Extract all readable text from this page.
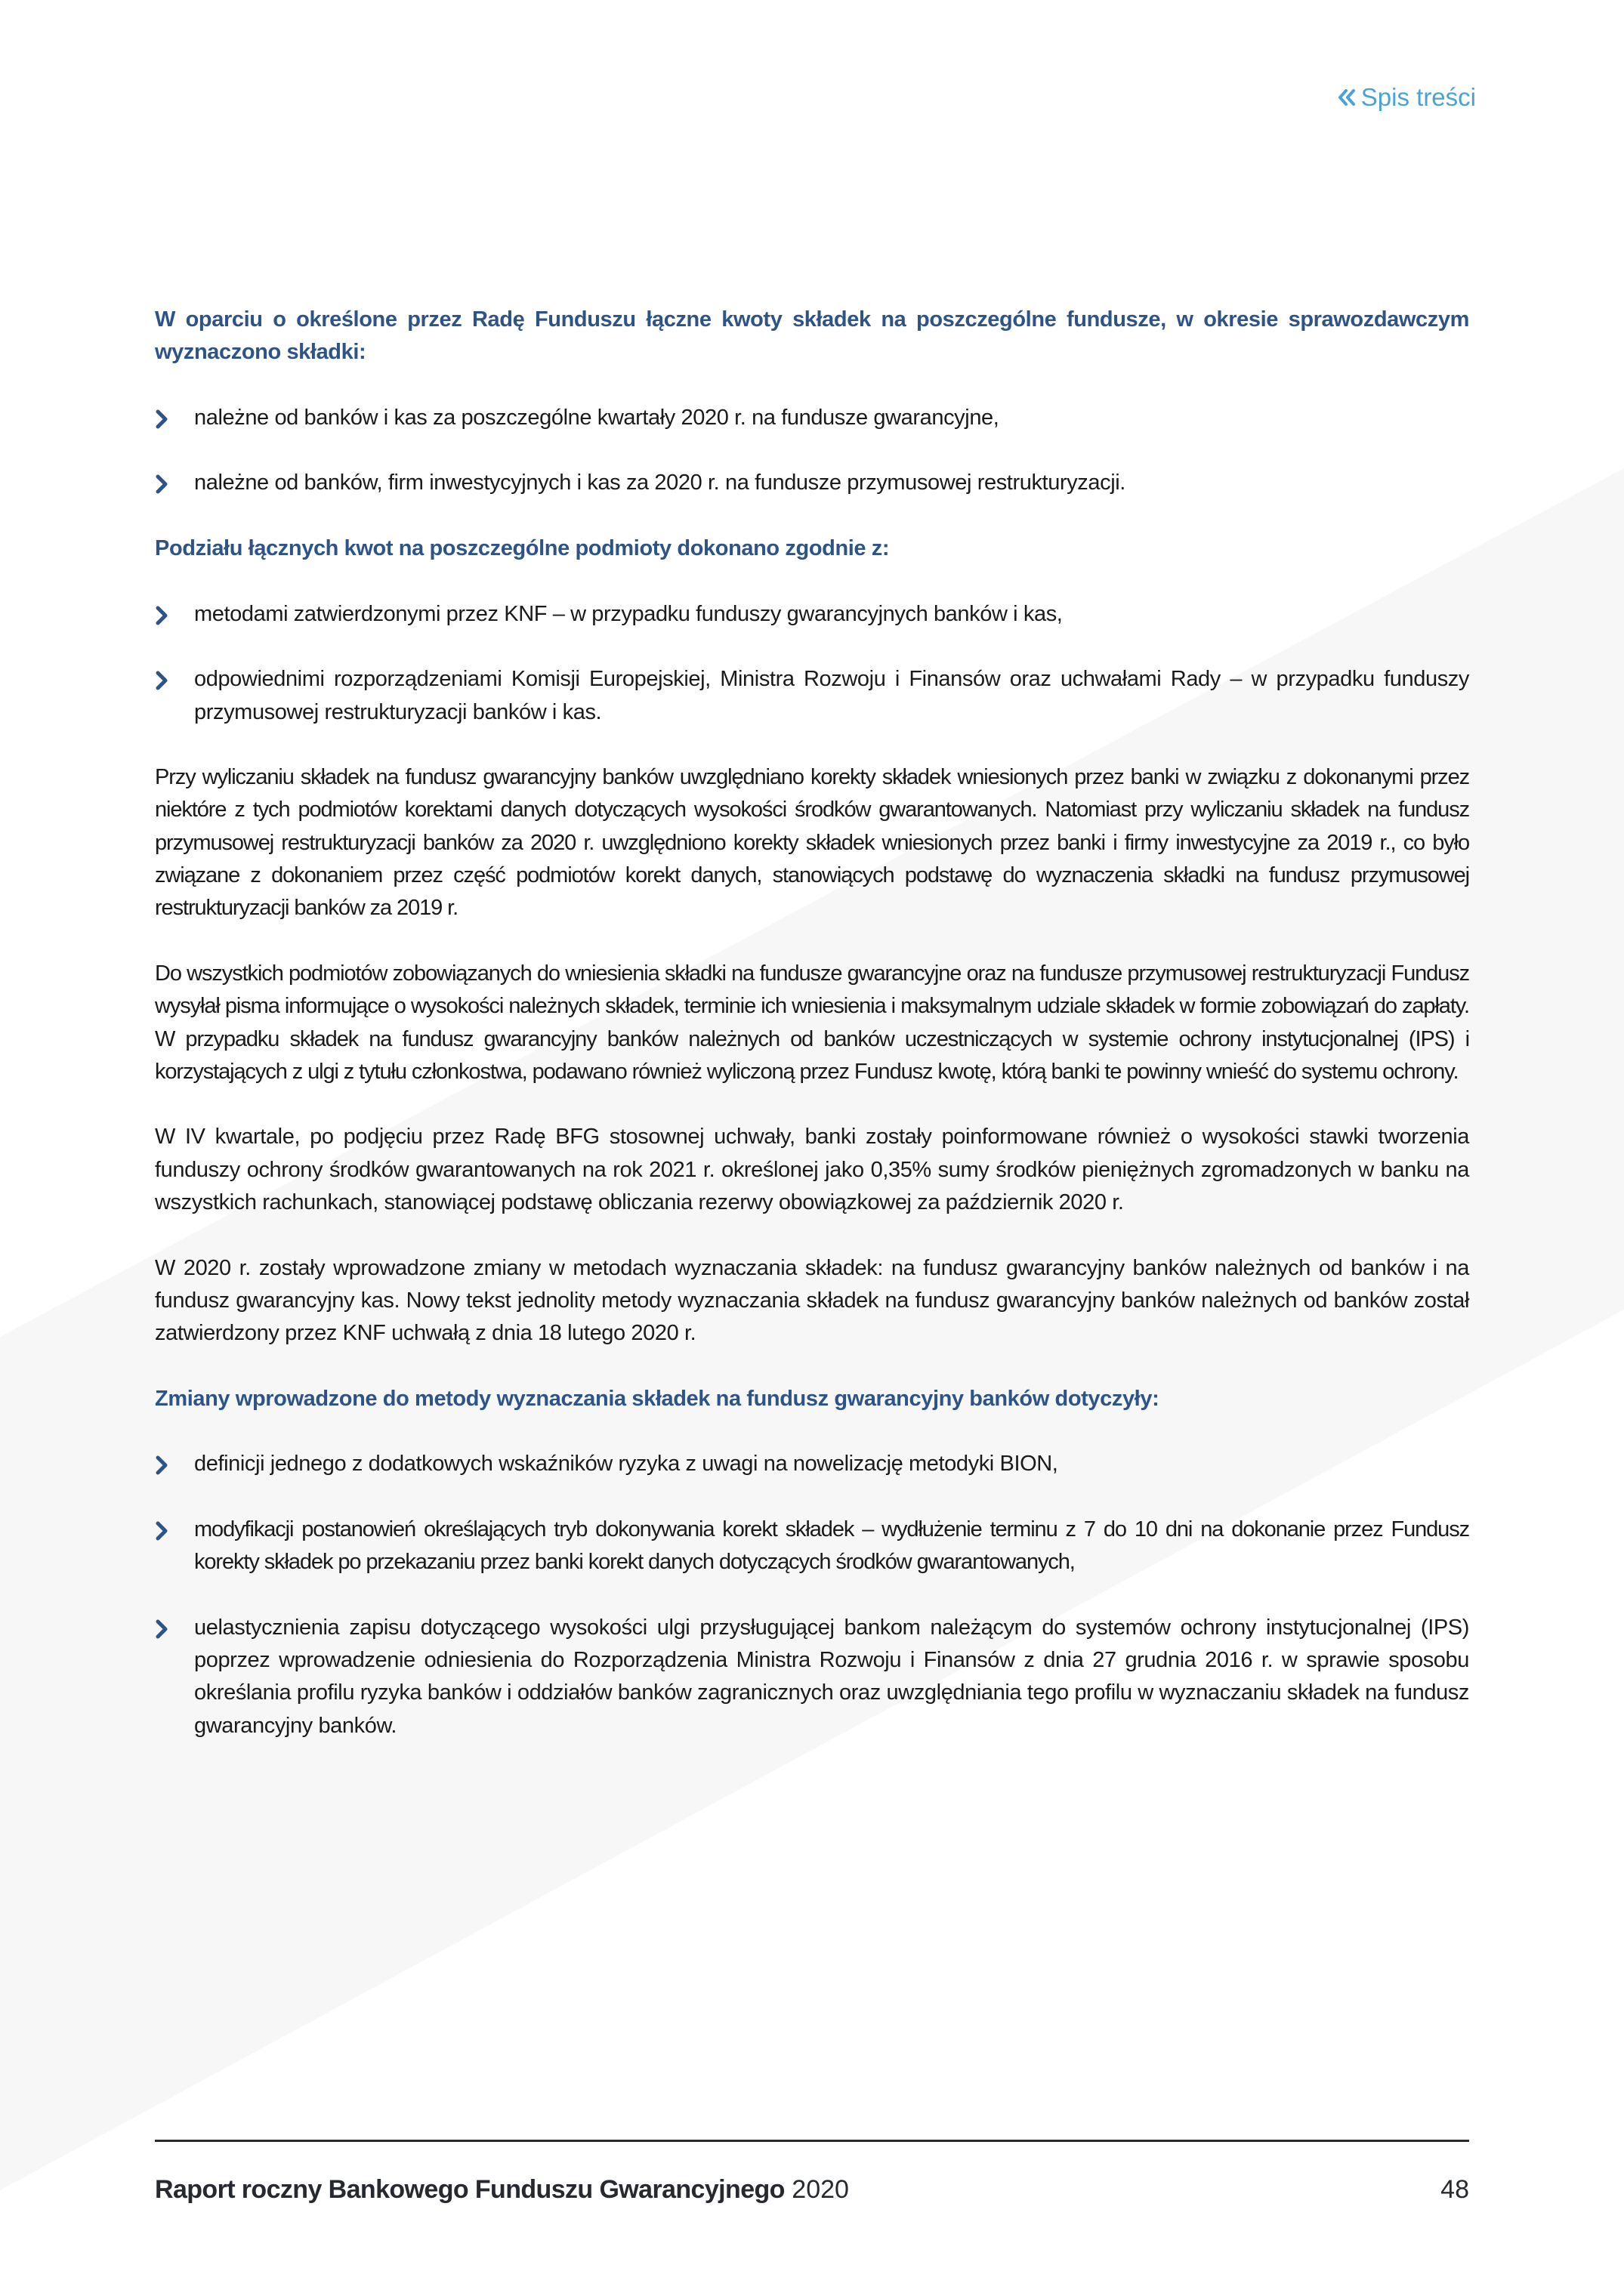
Spis treści

W oparciu o określone przez Radę Funduszu łączne kwoty składek na poszczególne fundusze, w okresie sprawozdawczym wyznaczono składki:

należne od banków i kas za poszczególne kwartały 2020 r. na fundusze gwarancyjne,
należne od banków, firm inwestycyjnych i kas za 2020 r. na fundusze przymusowej restrukturyzacji.

Podziału łącznych kwot na poszczególne podmioty dokonano zgodnie z:

metodami zatwierdzonymi przez KNF – w przypadku funduszy gwarancyjnych banków i kas,
odpowiednimi rozporządzeniami Komisji Europejskiej, Ministra Rozwoju i Finansów oraz uchwałami Rady – w przypadku funduszy przymusowej restrukturyzacji banków i kas.

Przy wyliczaniu składek na fundusz gwarancyjny banków uwzględniano korekty składek wniesionych przez banki w związku z dokonanymi przez niektóre z tych podmiotów korektami danych dotyczących wysokości środków gwarantowanych. Natomiast przy wyliczaniu składek na fundusz przymusowej restrukturyzacji banków za 2020 r. uwzględniono korekty składek wniesionych przez banki i firmy inwestycyjne za 2019 r., co było związane z dokonaniem przez część podmiotów korekt danych, stanowiących podstawę do wyznaczenia składki na fundusz przymusowej restrukturyzacji banków za 2019 r.

Do wszystkich podmiotów zobowiązanych do wniesienia składki na fundusze gwarancyjne oraz na fundusze przymusowej restrukturyzacji Fundusz wysyłał pisma informujące o wysokości należnych składek, terminie ich wniesienia i maksymalnym udziale składek w formie zobowiązań do zapłaty. W przypadku składek na fundusz gwarancyjny banków należnych od banków uczestniczących w systemie ochrony instytucjonalnej (IPS) i korzystających z ulgi z tytułu członkostwa, podawano również wyliczoną przez Fundusz kwotę, którą banki te powinny wnieść do systemu ochrony.

W IV kwartale, po podjęciu przez Radę BFG stosownej uchwały, banki zostały poinformowane również o wysokości stawki tworzenia funduszy ochrony środków gwarantowanych na rok 2021 r. określonej jako 0,35% sumy środków pieniężnych zgromadzonych w banku na wszystkich rachunkach, stanowiącej podstawę obliczania rezerwy obowiązkowej za październik 2020 r.

W 2020 r. zostały wprowadzone zmiany w metodach wyznaczania składek: na fundusz gwarancyjny banków należnych od banków i na fundusz gwarancyjny kas. Nowy tekst jednolity metody wyznaczania składek na fundusz gwarancyjny banków należnych od banków został zatwierdzony przez KNF uchwałą z dnia 18 lutego 2020 r.

Zmiany wprowadzone do metody wyznaczania składek na fundusz gwarancyjny banków dotyczyły:

definicji jednego z dodatkowych wskaźników ryzyka z uwagi na nowelizację metodyki BION,
modyfikacji postanowień określających tryb dokonywania korekt składek – wydłużenie terminu z 7 do 10 dni na dokonanie przez Fundusz korekty składek po przekazaniu przez banki korekt danych dotyczących środków gwarantowanych,
uelastycznienia zapisu dotyczącego wysokości ulgi przysługującej bankom należącym do systemów ochrony instytucjonalnej (IPS) poprzez wprowadzenie odniesienia do Rozporządzenia Ministra Rozwoju i Finansów z dnia 27 grudnia 2016 r. w sprawie sposobu określania profilu ryzyka banków i oddziałów banków zagranicznych oraz uwzględniania tego profilu w wyznaczaniu składek na fundusz gwarancyjny banków.
Raport roczny Bankowego Funduszu Gwarancyjnego 2020	48
